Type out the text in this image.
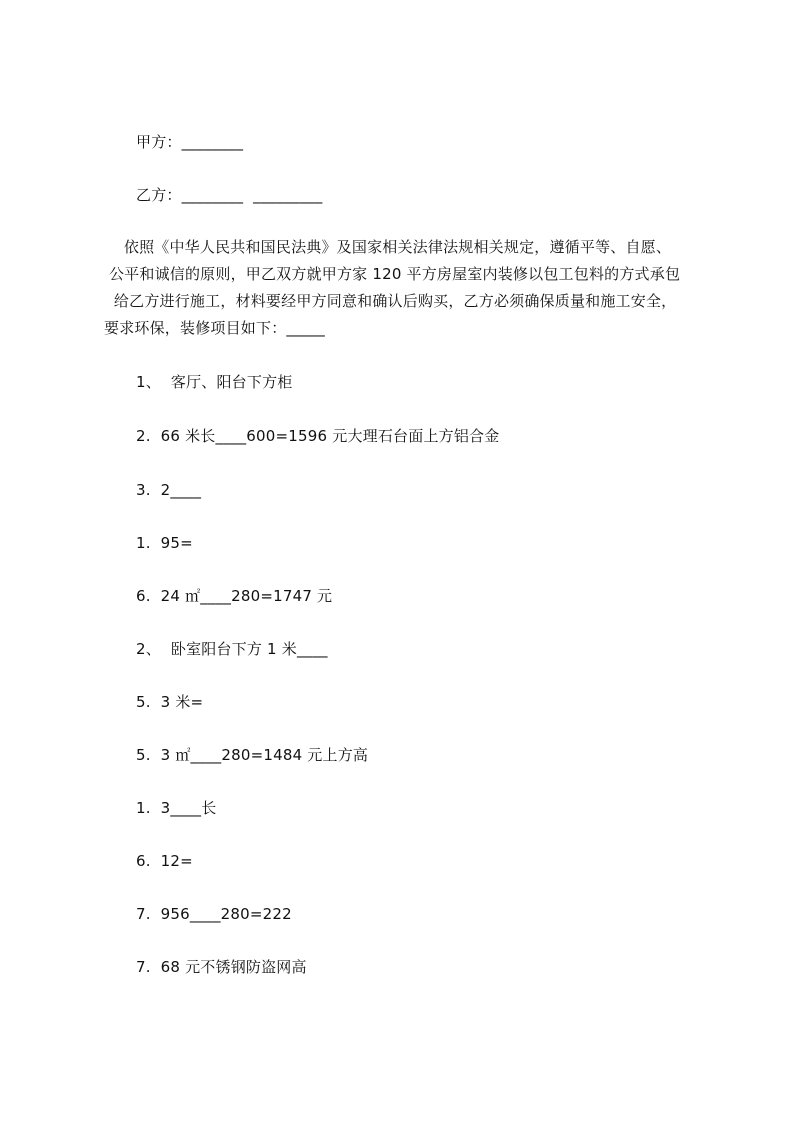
甲方：________
乙方：________  _________

依照《中华人民共和国民法典》及国家相关法律法规相关规定，遵循平等、自愿、

公平和诚信的原则，甲乙双方就甲方家 120 平方房屋室内装修以包工包料的方式承包

给乙方进行施工，材料要经甲方同意和确认后购买，乙方必须确保质量和施工安全，

要求环保，装修项目如下：_____

1、  客厅、阳台下方柜
2.  66 米长____600=1596 元大理石台面上方铝合金
3.  2____
1.  95=
6.  24 ㎡____280=1747 元
2、  卧室阳台下方 1 米____
5.  3 米=
5.  3 ㎡____280=1484 元上方高
1.  3____长
6.  12=
7.  956____280=222
7.  68 元不锈钢防盗网高
